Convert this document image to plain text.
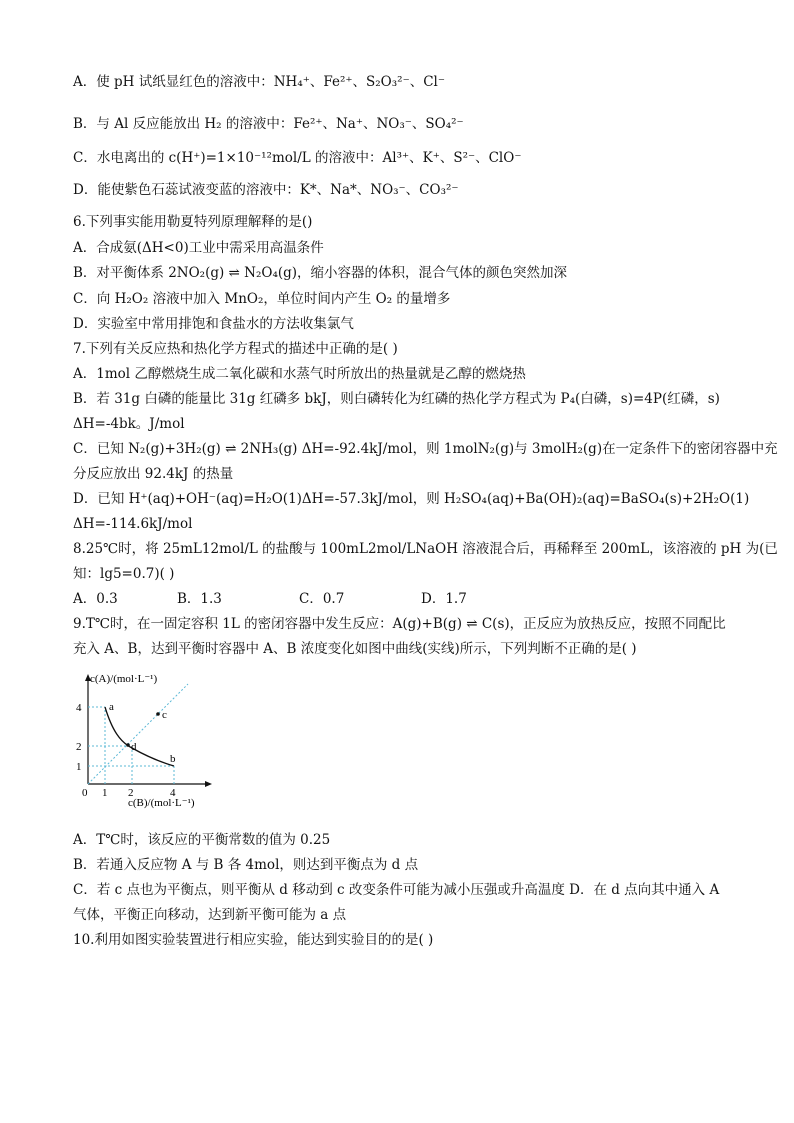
A．使 pH 试纸显红色的溶液中：NH₄⁺、Fe²⁺、S₂O₃²⁻、Cl⁻
B．与 Al 反应能放出 H₂ 的溶液中：Fe²⁺、Na⁺、NO₃⁻、SO₄²⁻
C．水电离出的 c(H⁺)=1×10⁻¹²mol/L 的溶液中：Al³⁺、K⁺、S²⁻、ClO⁻
D．能使紫色石蕊试液变蓝的溶液中：K*、Na*、NO₃⁻、CO₃²⁻
6.下列事实能用勒夏特列原理解释的是()
A．合成氨(ΔH<0)工业中需采用高温条件
B．对平衡体系 2NO₂(g) ⇌ N₂O₄(g)，缩小容器的体积，混合气体的颜色突然加深
C．向 H₂O₂ 溶液中加入 MnO₂，单位时间内产生 O₂ 的量增多
D．实验室中常用排饱和食盐水的方法收集氯气
7.下列有关反应热和热化学方程式的描述中正确的是( )
A．1mol 乙醇燃烧生成二氧化碳和水蒸气时所放出的热量就是乙醇的燃烧热
B．若 31g 白磷的能量比 31g 红磷多 bkJ，则白磷转化为红磷的热化学方程式为 P₄(白磷，s)=4P(红磷，s)
ΔH=-4bk。J/mol
C．已知 N₂(g)+3H₂(g) ⇌ 2NH₃(g) ΔH=-92.4kJ/mol，则 1molN₂(g)与 3molH₂(g)在一定条件下的密闭容器中充
分反应放出 92.4kJ 的热量
D．已知 H⁺(aq)+OH⁻(aq)=H₂O(1)ΔH=-57.3kJ/mol，则 H₂SO₄(aq)+Ba(OH)₂(aq)=BaSO₄(s)+2H₂O(1)
ΔH=-114.6kJ/mol
8.25℃时，将 25mL12mol/L 的盐酸与 100mL2mol/LNaOH 溶液混合后，再稀释至 200mL，该溶液的 pH 为(已
知：lg5=0.7)( )
A．0.3	B．1.3	C．0.7	D．1.7
9.T℃时，在一固定容积 1L 的密闭容器中发生反应：A(g)+B(g) ⇌ C(s)，正反应为放热反应，按照不同配比
充入 A、B，达到平衡时容器中 A、B 浓度变化如图中曲线(实线)所示，下列判断不正确的是( )
c(A)/(mol·L⁻¹)
c(B)/(mol·L⁻¹)
4
2
1
0 1 2	4
a
b
c
d
A．T℃时，该反应的平衡常数的值为 0.25
B．若通入反应物 A 与 B 各 4mol，则达到平衡点为 d 点
C．若 c 点也为平衡点，则平衡从 d 移动到 c 改变条件可能为减小压强或升高温度 D．在 d 点向其中通入 A
气体，平衡正向移动，达到新平衡可能为 a 点
10.利用如图实验装置进行相应实验，能达到实验目的的是( )
